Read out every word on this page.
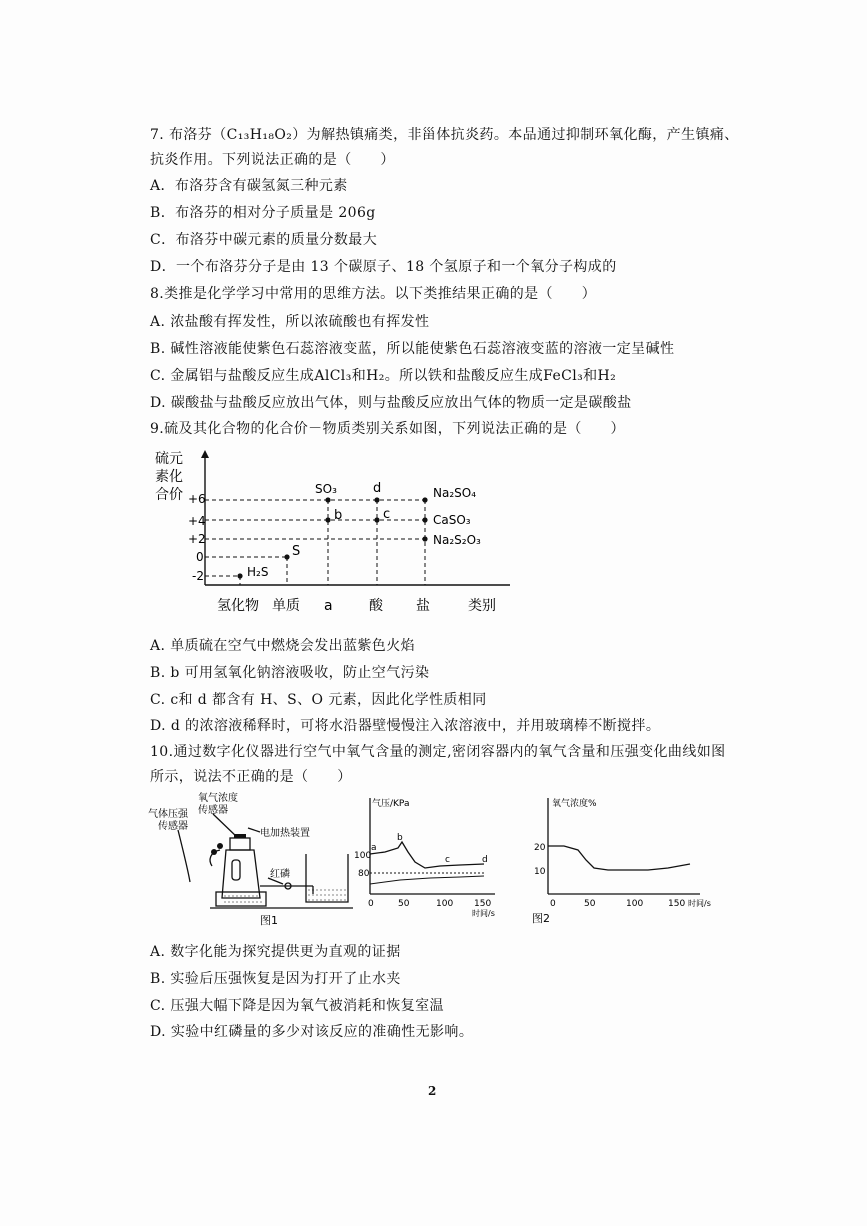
7. 布洛芬（C₁₃H₁₈O₂）为解热镇痛类，非甾体抗炎药。本品通过抑制环氧化酶，产生镇痛、
抗炎作用。下列说法正确的是（　　）
A．布洛芬含有碳氢氮三种元素
B．布洛芬的相对分子质量是 206g
C．布洛芬中碳元素的质量分数最大
D．一个布洛芬分子是由 13 个碳原子、18 个氢原子和一个氧分子构成的
8.类推是化学学习中常用的思维方法。以下类推结果正确的是（　　）
A. 浓盐酸有挥发性，所以浓硫酸也有挥发性
B. 碱性溶液能使紫色石蕊溶液变蓝，所以能使紫色石蕊溶液变蓝的溶液一定呈碱性
C. 金属铝与盐酸反应生成AlCl₃和H₂。所以铁和盐酸反应生成FeCl₃和H₂
D. 碳酸盐与盐酸反应放出气体，则与盐酸反应放出气体的物质一定是碳酸盐
9.硫及其化合物的化合价－物质类别关系如图，下列说法正确的是（　　）
硫元
素化
合价 +6
+4
+2
0
-2	H₂S
S
SO₃
b
d
c
Na₂SO₄
CaSO₃
Na₂S₂O₃
氢化物 单质 a	酸 盐	类别
A. 单质硫在空气中燃烧会发出蓝紫色火焰
B. b 可用氢氧化钠溶液吸收，防止空气污染
C. c和 d 都含有 H、S、O 元素，因此化学性质相同
D. d 的浓溶液稀释时，可将水沿器壁慢慢注入浓溶液中，并用玻璃棒不断搅拌。
10.通过数字化仪器进行空气中氧气含量的测定,密闭容器内的氧气含量和压强变化曲线如图
所示，说法不正确的是（　　）
氧气浓度
传感器
气体压强
传感器
电加热装置
红磷
图1
气压/KPa
100
80
a
b
c	d
0	50	100 150
时间/s
氧气浓度%
20
10
0	50	100	150 时间/s
图2
A. 数字化能为探究提供更为直观的证据
B. 实验后压强恢复是因为打开了止水夹
C. 压强大幅下降是因为氧气被消耗和恢复室温
D. 实验中红磷量的多少对该反应的准确性无影响。
2
